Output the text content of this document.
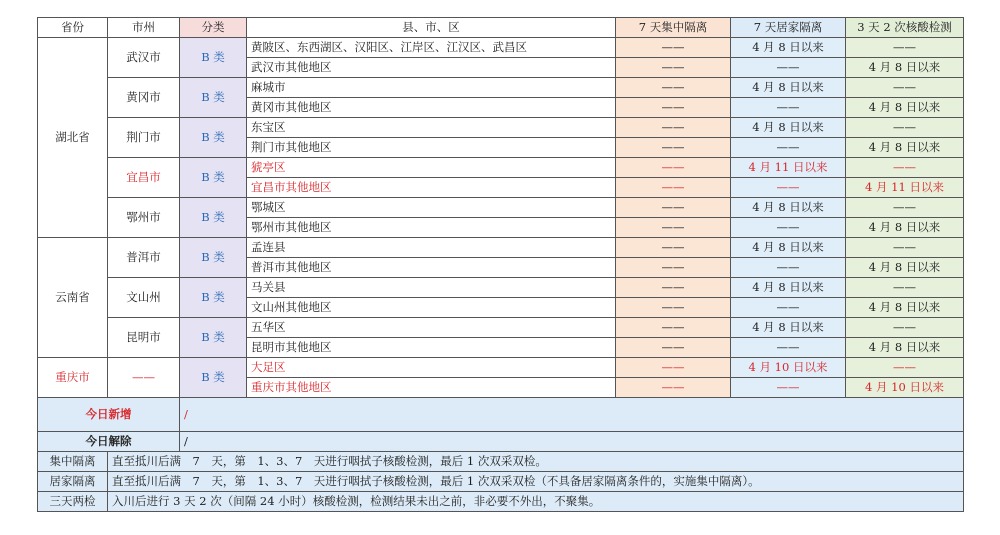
省份	市州	分类	县、市、区	7 天集中隔离	7 天居家隔离	3 天 2 次核酸检测
湖北省	武汉市	B 类	黄陂区、东西湖区、汉阳区、江岸区、江汉区、武昌区	——	4 月 8 日以来	——
			武汉市其他地区	——	——	4 月 8 日以来
	黄冈市	B 类	麻城市	——	4 月 8 日以来	——
			黄冈市其他地区	——	——	4 月 8 日以来
	荆门市	B 类	东宝区	——	4 月 8 日以来	——
			荆门市其他地区	——	——	4 月 8 日以来
	宜昌市	B 类	猇亭区	——	4 月 11 日以来	——
			宜昌市其他地区	——	——	4 月 11 日以来
	鄂州市	B 类	鄂城区	——	4 月 8 日以来	——
			鄂州市其他地区	——	——	4 月 8 日以来
云南省	普洱市	B 类	孟连县	——	4 月 8 日以来	——
			普洱市其他地区	——	——	4 月 8 日以来
	文山州	B 类	马关县	——	4 月 8 日以来	——
			文山州其他地区	——	——	4 月 8 日以来
	昆明市	B 类	五华区	——	4 月 8 日以来	——
			昆明市其他地区	——	——	4 月 8 日以来
重庆市	——	B 类	大足区	——	4 月 10 日以来	——
			重庆市其他地区	——	——	4 月 10 日以来
今日新增		/				
今日解除		/				
集中隔离	直至抵川后满　7　天，第　1、3、7　天进行咽拭子核酸检测，最后 1 次双采双检。					
居家隔离	直至抵川后满　7　天，第　1、3、7　天进行咽拭子核酸检测，最后 1 次双采双检（不具备居家隔离条件的，实施集中隔离）。					
三天两检	入川后进行 3 天 2 次（间隔 24 小时）核酸检测，检测结果未出之前，非必要不外出，不聚集。					
